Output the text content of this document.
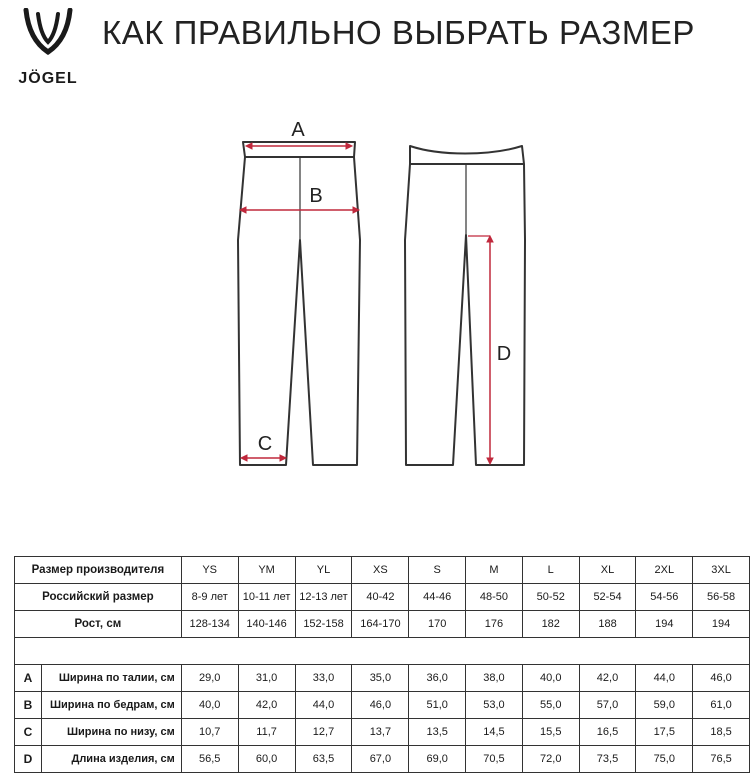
JÖGEL
КАК ПРАВИЛЬНО ВЫБРАТЬ РАЗМЕР
A
B
C
D
Размер производителя		YS	YM	YL	XS	S	M	L	XL	2XL	3XL
Российский размер		8-9 лет	10-11 лет	12-13 лет	40-42	44-46	48-50	50-52	52-54	54-56	56-58
Рост, см		128-134	140-146	152-158	164-170	170	176	182	188	194	194

A	Ширина по талии, см	29,0	31,0	33,0	35,0	36,0	38,0	40,0	42,0	44,0	46,0
B	Ширина по бедрам, см	40,0	42,0	44,0	46,0	51,0	53,0	55,0	57,0	59,0	61,0
C	Ширина по низу, см	10,7	11,7	12,7	13,7	13,5	14,5	15,5	16,5	17,5	18,5
D	Длина изделия, см	56,5	60,0	63,5	67,0	69,0	70,5	72,0	73,5	75,0	76,5
